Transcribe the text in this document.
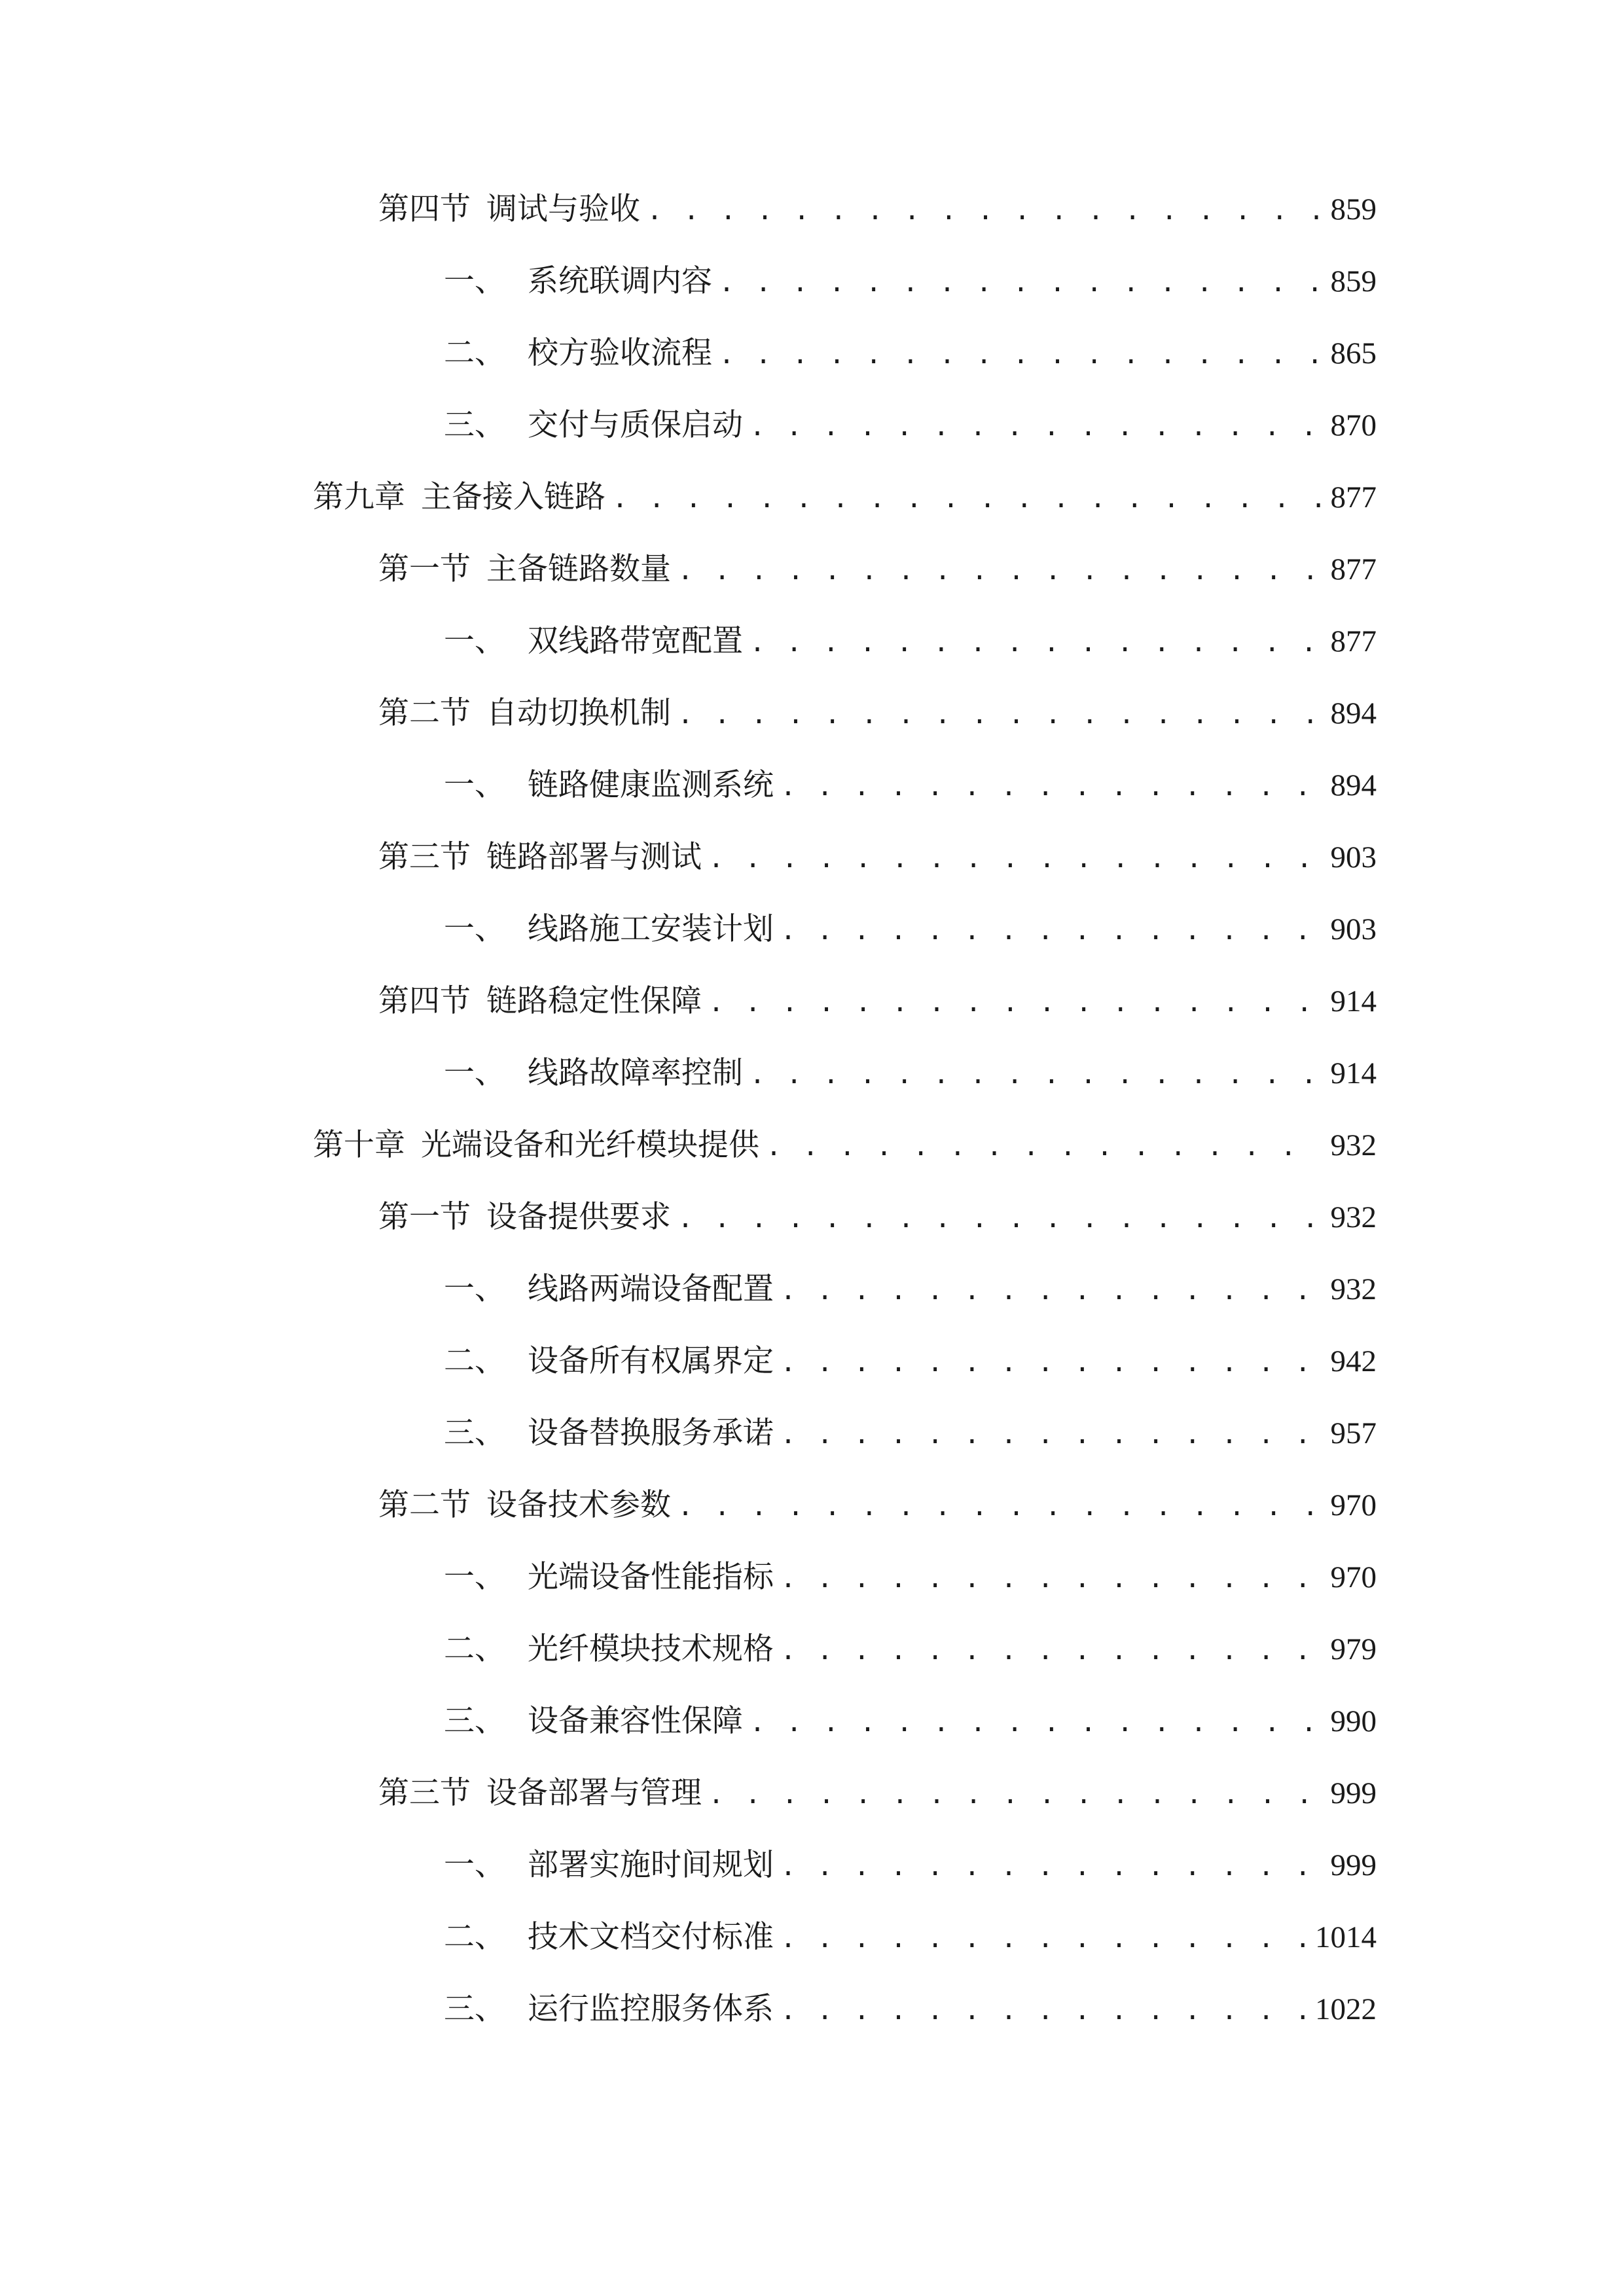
第四节 调试与验收 . . .	859
一、 系统联调内容 . . .	859
二、 校方验收流程 . . .	865
三、 交付与质保启动 . . .	870
第九章 主备接入链路 . . .	877
第一节 主备链路数量 . . .	877
一、 双线路带宽配置 . . .	877
第二节 自动切换机制 . . .	894
一、 链路健康监测系统 . . .	894
第三节 链路部署与测试 . . .	903
一、 线路施工安装计划 . . .	903
第四节 链路稳定性保障 . . .	914
一、 线路故障率控制 . . .	914
第十章 光端设备和光纤模块提供 . . .	932
第一节 设备提供要求 . . .	932
一、 线路两端设备配置 . . .	932
二、 设备所有权属界定 . . .	942
三、 设备替换服务承诺 . . .	957
第二节 设备技术参数 . . .	970
一、 光端设备性能指标 . . .	970
二、 光纤模块技术规格 . . .	979
三、 设备兼容性保障 . . .	990
第三节 设备部署与管理 . . .	999
一、 部署实施时间规划 . . .	999
二、 技术文档交付标准 . . .	1014
三、 运行监控服务体系 . . .	1022
